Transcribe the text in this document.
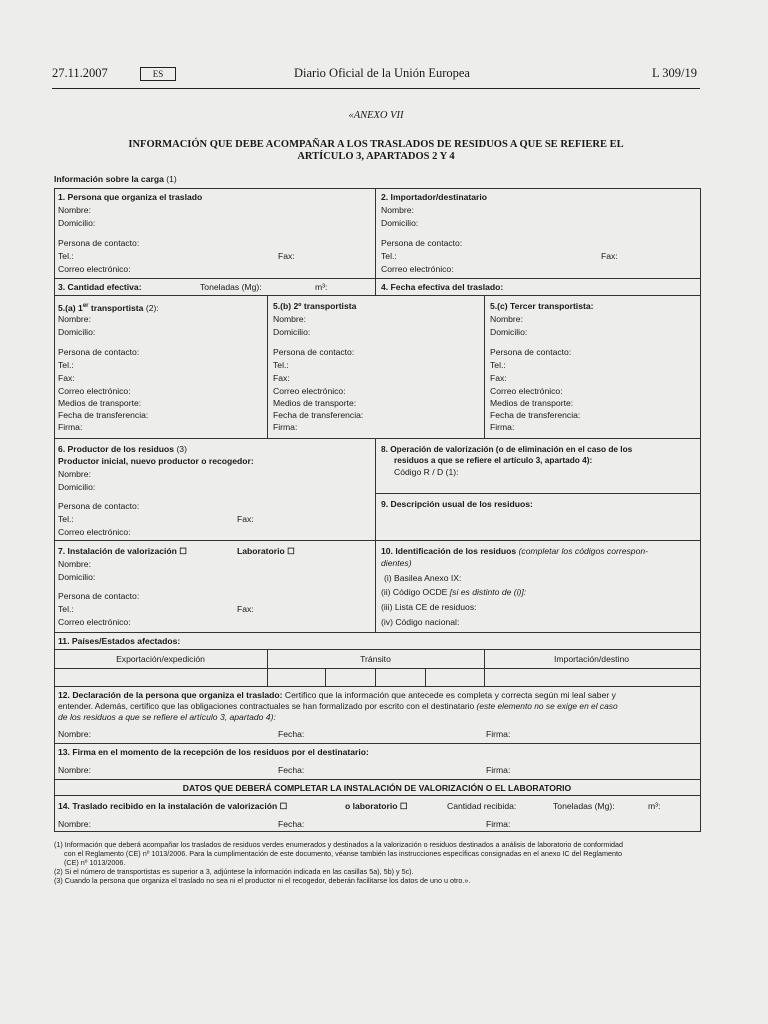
27.11.2007	ES	Diario Oficial de la Unión Europea	L 309/19
«ANEXO VII
INFORMACIÓN QUE DEBE ACOMPAÑAR A LOS TRASLADOS DE RESIDUOS A QUE SE REFIERE EL
ARTÍCULO 3, APARTADOS 2 Y 4
Información sobre la carga (1)
1. Persona que organiza el traslado
Nombre:
Domicilio:
Persona de contacto:
Tel.:	Fax:
Correo electrónico:
2. Importador/destinatario
Nombre:
Domicilio:
Persona de contacto:
Tel.:	Fax:
Correo electrónico:
3. Cantidad efectiva:	Toneladas (Mg):	m³:	4. Fecha efectiva del traslado:
5.(a) 1er transportista (2):
Nombre:
Domicilio:
Persona de contacto:
Tel.:
Fax:
Correo electrónico:
Medios de transporte:
Fecha de transferencia:
Firma:
5.(b) 2º transportista
Nombre:
Domicilio:
Persona de contacto:
Tel.:
Fax:
Correo electrónico:
Medios de transporte:
Fecha de transferencia:
Firma:
5.(c) Tercer transportista:
Nombre:
Domicilio:
Persona de contacto:
Tel.:
Fax:
Correo electrónico:
Medios de transporte:
Fecha de transferencia:
Firma:
6. Productor de los residuos (3)
Productor inicial, nuevo productor o recogedor:
Nombre:
Domicilio:
Persona de contacto:
Tel.:	Fax:
Correo electrónico:
8. Operación de valorización (o de eliminación en el caso de los
residuos a que se refiere el artículo 3, apartado 4):
Código R / D (1):
9. Descripción usual de los residuos:
7. Instalación de valorización ☐	Laboratorio ☐
Nombre:
Domicilio:
Persona de contacto:
Tel.:	Fax:
Correo electrónico:
10. Identificación de los residuos (completar los códigos correspon-
dientes)
(i) Basilea Anexo IX:
(ii) Código OCDE [si es distinto de (i)]:
(iii) Lista CE de residuos:
(iv) Código nacional:
11. Países/Estados afectados:
Exportación/expedición	Tránsito	Importación/destino
12. Declaración de la persona que organiza el traslado: Certifico que la información que antecede es completa y correcta según mi leal saber y
entender. Además, certifico que las obligaciones contractuales se han formalizado por escrito con el destinatario (este elemento no se exige en el caso
de los residuos a que se refiere el artículo 3, apartado 4):
Nombre:	Fecha:	Firma:
13. Firma en el momento de la recepción de los residuos por el destinatario:
Nombre:	Fecha:	Firma:
DATOS QUE DEBERÁ COMPLETAR LA INSTALACIÓN DE VALORIZACIÓN O EL LABORATORIO
14. Traslado recibido en la instalación de valorización ☐	o laboratorio ☐	Cantidad recibida:	Toneladas (Mg):	m³:
Nombre:	Fecha:	Firma:
(1) Información que deberá acompañar los traslados de residuos verdes enumerados y destinados a la valorización o residuos destinados a análisis de laboratorio de conformidad
con el Reglamento (CE) nº 1013/2006. Para la cumplimentación de este documento, véanse también las instrucciones específicas consignadas en el anexo IC del Reglamento
(CE) nº 1013/2006.
(2) Si el número de transportistas es superior a 3, adjúntese la información indicada en las casillas 5a), 5b) y 5c).
(3) Cuando la persona que organiza el traslado no sea ni el productor ni el recogedor, deberán facilitarse los datos de uno u otro.».
